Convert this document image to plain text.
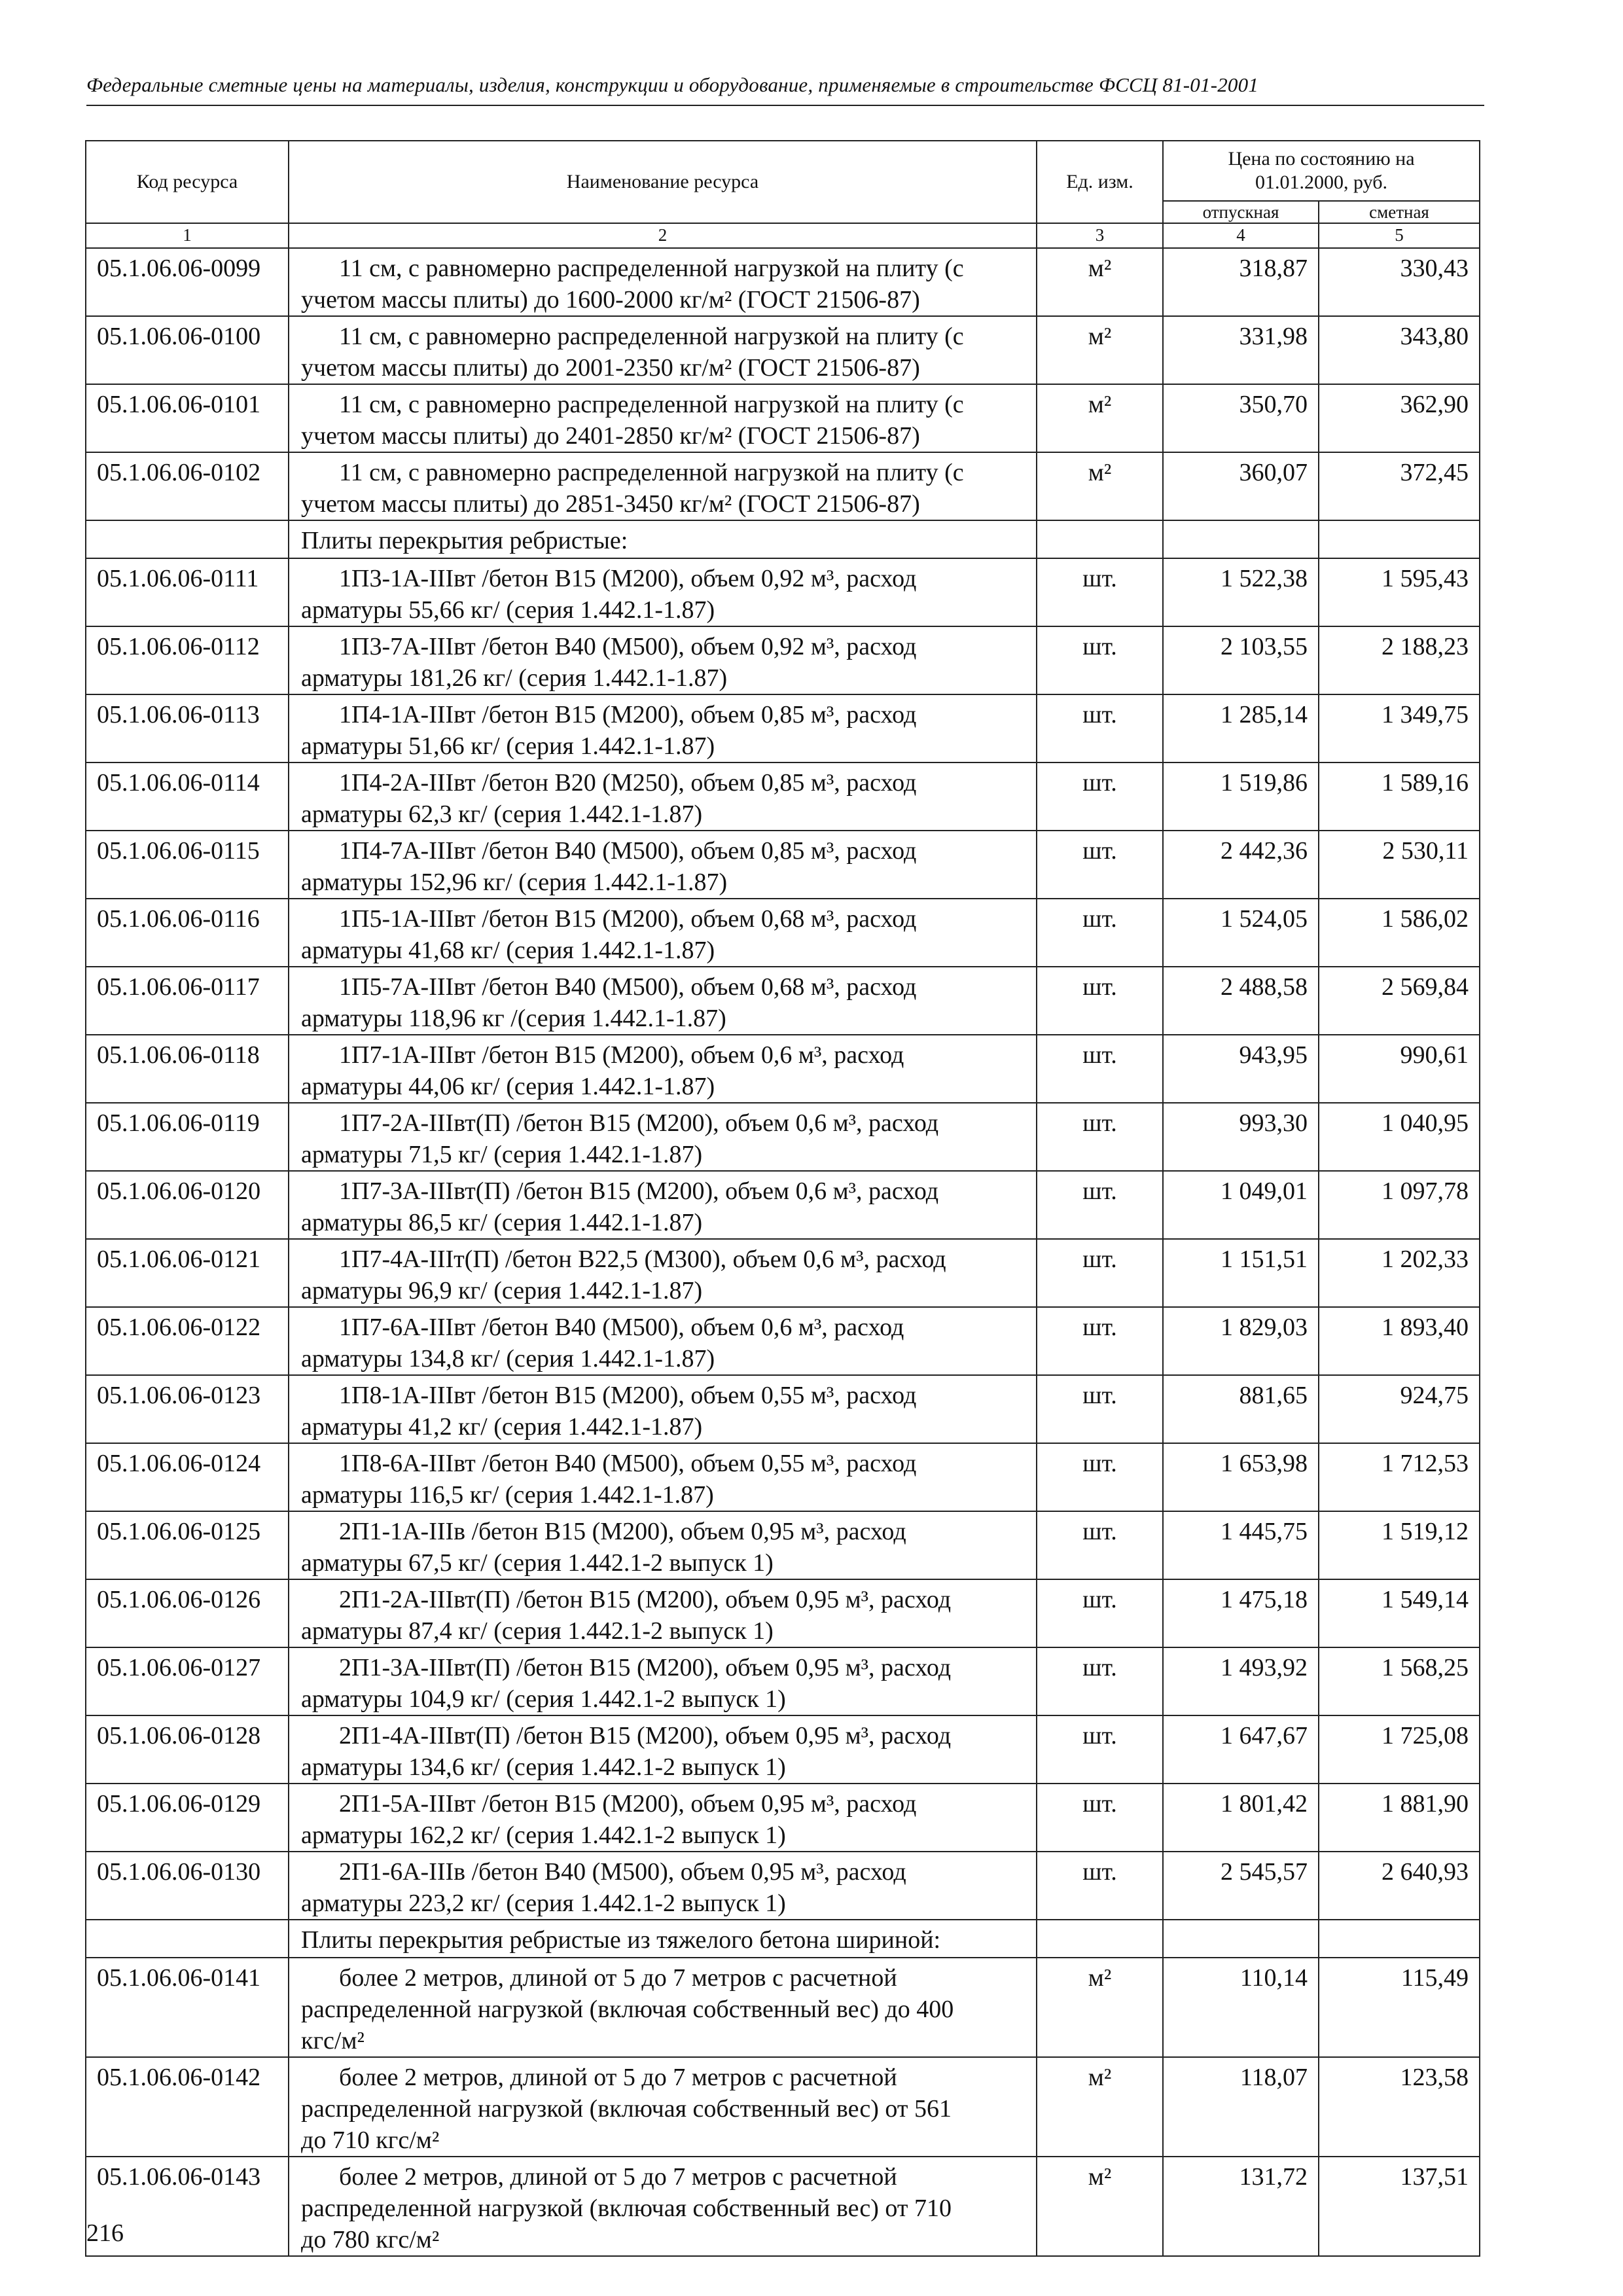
Федеральные сметные цены на материалы, изделия, конструкции и оборудование, применяемые в строительстве ФССЦ 81-01-2001
Код ресурса	Наименование ресурса	Ед. изм.	Цена по состоянию на 01.01.2000, руб.	
			отпускная	сметная
1	2	3	4	5
05.1.06.06-0099	11 см, с равномерно распределенной нагрузкой на плиту (с
учетом массы плиты) до 1600-2000 кг/м² (ГОСТ 21506-87)	м²	318,87	330,43
05.1.06.06-0100	11 см, с равномерно распределенной нагрузкой на плиту (с
учетом массы плиты) до 2001-2350 кг/м² (ГОСТ 21506-87)	м²	331,98	343,80
05.1.06.06-0101	11 см, с равномерно распределенной нагрузкой на плиту (с
учетом массы плиты) до 2401-2850 кг/м² (ГОСТ 21506-87)	м²	350,70	362,90
05.1.06.06-0102	11 см, с равномерно распределенной нагрузкой на плиту (с
учетом массы плиты) до 2851-3450 кг/м² (ГОСТ 21506-87)	м²	360,07	372,45
	Плиты перекрытия ребристые:			
05.1.06.06-0111	1П3-1А-IIIвт /бетон В15 (М200), объем 0,92 м³, расход
арматуры 55,66 кг/ (серия 1.442.1-1.87)	шт.	1 522,38	1 595,43
05.1.06.06-0112	1П3-7А-IIIвт /бетон В40 (М500), объем 0,92 м³, расход
арматуры 181,26 кг/ (серия 1.442.1-1.87)	шт.	2 103,55	2 188,23
05.1.06.06-0113	1П4-1А-IIIвт /бетон В15 (М200), объем 0,85 м³, расход
арматуры 51,66 кг/ (серия 1.442.1-1.87)	шт.	1 285,14	1 349,75
05.1.06.06-0114	1П4-2А-IIIвт /бетон В20 (М250), объем 0,85 м³, расход
арматуры 62,3 кг/ (серия 1.442.1-1.87)	шт.	1 519,86	1 589,16
05.1.06.06-0115	1П4-7А-IIIвт /бетон В40 (М500), объем 0,85 м³, расход
арматуры 152,96 кг/ (серия 1.442.1-1.87)	шт.	2 442,36	2 530,11
05.1.06.06-0116	1П5-1А-IIIвт /бетон В15 (М200), объем 0,68 м³, расход
арматуры 41,68 кг/ (серия 1.442.1-1.87)	шт.	1 524,05	1 586,02
05.1.06.06-0117	1П5-7А-IIIвт /бетон В40 (М500), объем 0,68 м³, расход
арматуры 118,96 кг /(серия 1.442.1-1.87)	шт.	2 488,58	2 569,84
05.1.06.06-0118	1П7-1А-IIIвт /бетон В15 (М200), объем 0,6 м³, расход
арматуры 44,06 кг/ (серия 1.442.1-1.87)	шт.	943,95	990,61
05.1.06.06-0119	1П7-2А-IIIвт(П) /бетон В15 (М200), объем 0,6 м³, расход
арматуры 71,5 кг/ (серия 1.442.1-1.87)	шт.	993,30	1 040,95
05.1.06.06-0120	1П7-3А-IIIвт(П) /бетон В15 (М200), объем 0,6 м³, расход
арматуры 86,5 кг/ (серия 1.442.1-1.87)	шт.	1 049,01	1 097,78
05.1.06.06-0121	1П7-4А-IIIт(П) /бетон В22,5 (М300), объем 0,6 м³, расход
арматуры 96,9 кг/ (серия 1.442.1-1.87)	шт.	1 151,51	1 202,33
05.1.06.06-0122	1П7-6А-IIIвт /бетон В40 (М500), объем 0,6 м³, расход
арматуры 134,8 кг/ (серия 1.442.1-1.87)	шт.	1 829,03	1 893,40
05.1.06.06-0123	1П8-1А-IIIвт /бетон В15 (М200), объем 0,55 м³, расход
арматуры 41,2 кг/ (серия 1.442.1-1.87)	шт.	881,65	924,75
05.1.06.06-0124	1П8-6А-IIIвт /бетон В40 (М500), объем 0,55 м³, расход
арматуры 116,5 кг/ (серия 1.442.1-1.87)	шт.	1 653,98	1 712,53
05.1.06.06-0125	2П1-1А-IIIв /бетон В15 (М200), объем 0,95 м³, расход
арматуры 67,5 кг/ (серия 1.442.1-2 выпуск 1)	шт.	1 445,75	1 519,12
05.1.06.06-0126	2П1-2А-IIIвт(П) /бетон В15 (М200), объем 0,95 м³, расход
арматуры 87,4 кг/ (серия 1.442.1-2 выпуск 1)	шт.	1 475,18	1 549,14
05.1.06.06-0127	2П1-3А-IIIвт(П) /бетон В15 (М200), объем 0,95 м³, расход
арматуры 104,9 кг/ (серия 1.442.1-2 выпуск 1)	шт.	1 493,92	1 568,25
05.1.06.06-0128	2П1-4А-IIIвт(П) /бетон В15 (М200), объем 0,95 м³, расход
арматуры 134,6 кг/ (серия 1.442.1-2 выпуск 1)	шт.	1 647,67	1 725,08
05.1.06.06-0129	2П1-5А-IIIвт /бетон В15 (М200), объем 0,95 м³, расход
арматуры 162,2 кг/ (серия 1.442.1-2 выпуск 1)	шт.	1 801,42	1 881,90
05.1.06.06-0130	2П1-6А-IIIв /бетон В40 (М500), объем 0,95 м³, расход
арматуры 223,2 кг/ (серия 1.442.1-2 выпуск 1)	шт.	2 545,57	2 640,93
	Плиты перекрытия ребристые из тяжелого бетона шириной:			
05.1.06.06-0141	более 2 метров, длиной от 5 до 7 метров с расчетной
распределенной нагрузкой (включая собственный вес) до 400
кгс/м²	м²	110,14	115,49
05.1.06.06-0142	более 2 метров, длиной от 5 до 7 метров с расчетной
распределенной нагрузкой (включая собственный вес) от 561
до 710 кгс/м²	м²	118,07	123,58
05.1.06.06-0143	более 2 метров, длиной от 5 до 7 метров с расчетной
распределенной нагрузкой (включая собственный вес) от 710
до 780 кгс/м²	м²	131,72	137,51
216
